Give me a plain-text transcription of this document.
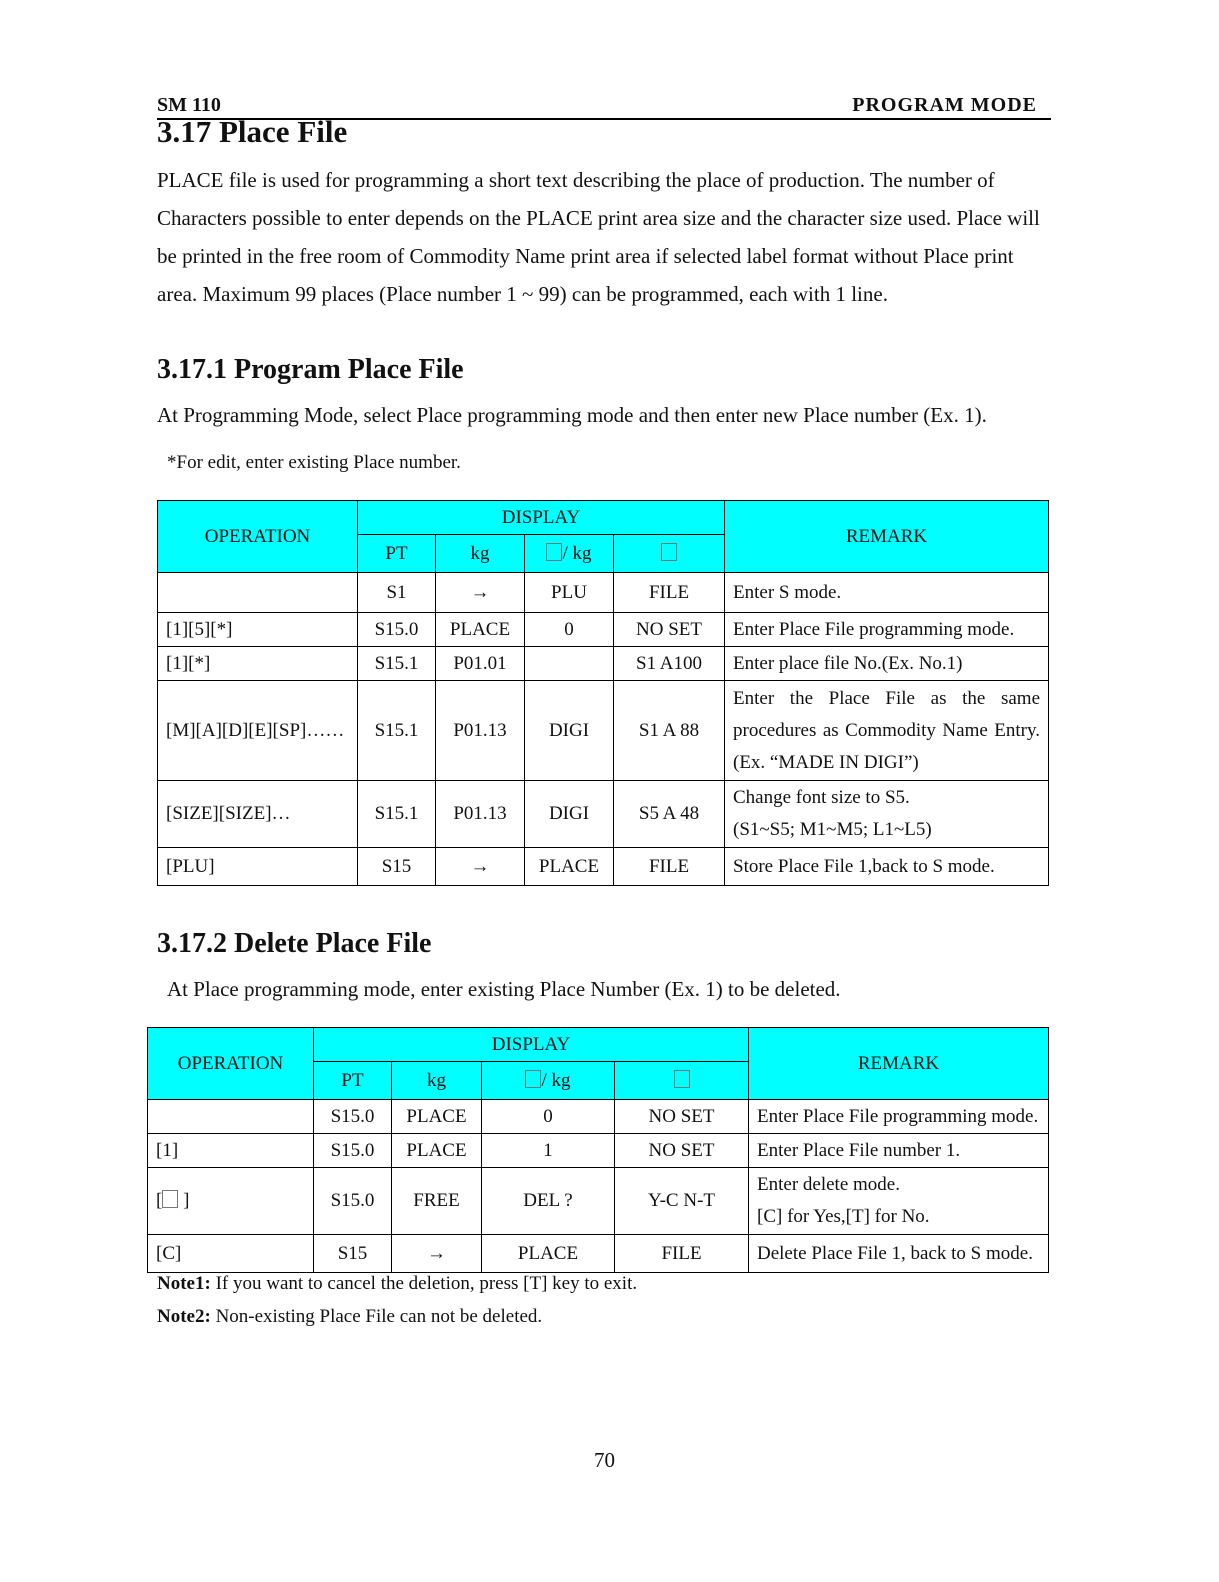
SM 110	PROGRAM MODE
3.17 Place File

PLACE file is used for programming a short text describing the place of production. The number of Characters possible to enter depends on the PLACE print area size and the character size used. Place will be printed in the free room of Commodity Name print area if selected label format without Place print area. Maximum 99 places (Place number 1 ~ 99) can be programmed, each with 1 line.

3.17.1 Program Place File

At Programming Mode, select Place programming mode and then enter new Place number (Ex. 1).

*For edit, enter existing Place number.

OPERATION	DISPLAY				REMARK
	PT	kg	/ kg		
	S1	→	PLU	FILE	Enter S mode.
[1][5][*]	S15.0	PLACE	0	NO SET	Enter Place File programming mode.
[1][*]	S15.1	P01.01		S1 A100	Enter place file No.(Ex. No.1)
[M][A][D][E][SP]……	S15.1	P01.13	DIGI	S1 A 88	Enter the Place File as the same procedures as Commodity Name Entry. (Ex. “MADE IN DIGI”)
[SIZE][SIZE]…	S15.1	P01.13	DIGI	S5 A 48	Change font size to S5.
(S1~S5; M1~M5; L1~L5)

[PLU]	S15	→	PLACE	FILE	Store Place File 1,back to S mode.
3.17.2 Delete Place File

At Place programming mode, enter existing Place Number (Ex. 1) to be deleted.

OPERATION	DISPLAY				REMARK
	PT	kg	/ kg		
	S15.0	PLACE	0	NO SET	Enter Place File programming mode.
[1]	S15.0	PLACE	1	NO SET	Enter Place File number 1.
[ ]	S15.0	FREE	DEL ?	Y-C N-T	Enter delete mode.
[C] for Yes,[T] for No.

[C]	S15	→	PLACE	FILE	Delete Place File 1, back to S mode.

Note1: If you want to cancel the deletion, press [T] key to exit.

Note2: Non-existing Place File can not be deleted.

70
